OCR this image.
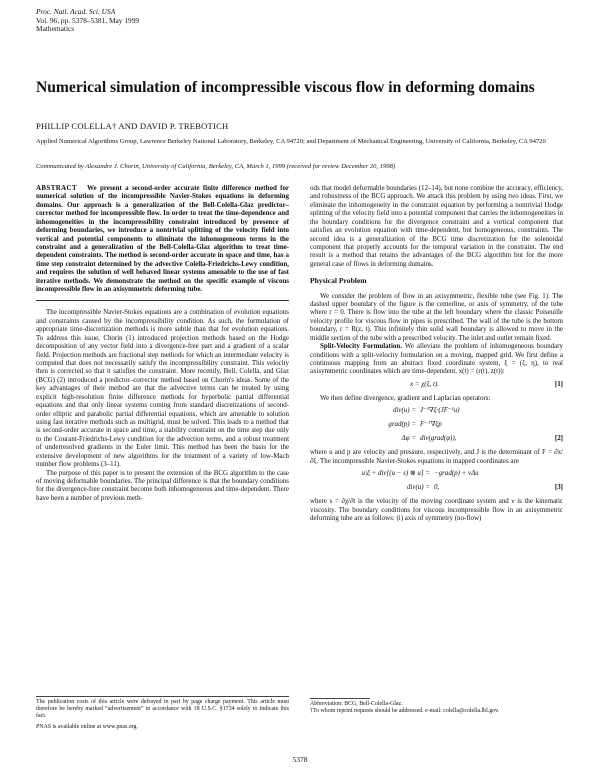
Proc. Natl. Acad. Sci. USA
Vol. 96, pp. 5378–5381, May 1999
Mathematics
Numerical simulation of incompressible viscous flow in deforming domains
PHILLIP COLELLA† AND DAVID P. TREBOTICH
Applied Numerical Algorithms Group, Lawrence Berkeley National Laboratory, Berkeley, CA 94720; and Department of Mechanical Engineering, University of California, Berkeley, CA 94720
Communicated by Alexandre J. Chorin, University of California, Berkeley, CA, March 1, 1999 (received for review December 20, 1998)

ABSTRACT We present a second-order accurate finite difference method for numerical solution of the incompressible Navier-Stokes equations in deforming domains. Our approach is a generalization of the Bell-Colella-Glaz predictor–corrector method for incompressible flow. In order to treat the time-dependence and inhomogeneities in the incompressibility constraint introduced by presence of deforming boundaries, we introduce a nontrivial splitting of the velocity field into vortical and potential components to eliminate the inhomogeneous terms in the constraint and a generalization of the Bell-Colella-Glaz algorithm to treat time-dependent constraints. The method is second-order accurate in space and time, has a time step constraint determined by the advective Colella-Friedrichs-Lewy condition, and requires the solution of well behaved linear systems amenable to the use of fast iterative methods. We demonstrate the method on the specific example of viscous incompressible flow in an axisymmetric deforming tube.

The incompressible Navier-Stokes equations are a combination of evolution equations and constraints caused by the incompressibility condition. As such, the formulation of appropriate time-discretization methods is more subtle than that for evolution equations. To address this issue, Chorin (1) introduced projection methods based on the Hodge decomposition of any vector field into a divergence-free part and a gradient of a scalar field. Projection methods are fractional step methods for which an intermediate velocity is computed that does not necessarily satisfy the incompressibility constraint. This velocity then is corrected so that it satisfies the constraint. More recently, Bell, Colella, and Glaz (BCG) (2) introduced a predictor–corrector method based on Chorin's ideas. Some of the key advantages of their method are that the advective terms can be treated by using explicit high-resolution finite difference methods for hyperbolic partial differential equations and that only linear systems coming from standard discretizations of second-order elliptic and parabolic partial differential equations, which are amenable to solution using fast iterative methods such as multigrid, must be solved. This leads to a method that is second-order accurate in space and time, a stability constraint on the time step due only to the Courant-Friedrichs-Lewy condition for the advection terms, and a robust treatment of underresolved gradients in the Euler limit. This method has been the basis for the extensive development of new algorithms for the treatment of a variety of low-Mach number flow problems (3–11).

The purpose of this paper is to present the extension of the BCG algorithm to the case of moving deformable boundaries. The principal difference is that the boundary conditions for the divergence-free constraint become both inhomogeneous and time-dependent. There have been a number of previous meth-

ods that model deformable boundaries (12–14), but none combine the accuracy, efficiency, and robustness of the BCG approach. We attack this problem by using two ideas. First, we eliminate the inhomogeneity in the constraint equation by performing a nontrivial Hodge splitting of the velocity field into a potential component that carries the inhomogeneities in the boundary conditions for the divergence constraint and a vortical component that satisfies an evolution equation with time-dependent, but homogeneous, constraints. The second idea is a generalization of the BCG time discretization for the solenoidal component that properly accounts for the temporal variation in the constraint. The end result is a method that retains the advantages of the BCG algorithm but for the more general case of flows in deforming domains.

Physical Problem

We consider the problem of flow in an axisymmetric, flexible tube (see Fig. 1). The dashed upper boundary of the figure is the centerline, or axis of symmetry, of the tube where r = 0. There is flow into the tube at the left boundary where the classic Poiseuille velocity profile for viscous flow in pipes is prescribed. The wall of the tube is the bottom boundary, r = R(z, t). This infinitely thin solid wall boundary is allowed to move in the middle section of the tube with a prescribed velocity. The inlet and outlet remain fixed.

Split-Velocity Formulation. We alleviate the problem of inhomogeneous boundary conditions with a split-velocity formulation on a moving, mapped grid. We first define a continuous mapping from an abstract fixed coordinate system, ξ = (ξ, η), to real axisymmetric coordinates which are time-dependent, x(t) = (r(t), z(t)):

x = χ(ξ, t).	[1]

We then define divergence, gradient and Laplacian operators:

div(u) = J⁻¹∇ξ·(JF⁻¹u)
grad(p) = F⁻ᵀ∇ξp
Δφ = div(grad(φ)),	[2]

where u and p are velocity and pressure, respectively, and J is the determinant of F = ∂x/∂ξ. The incompressible Navier-Stokes equations in mapped coordinates are

u|ξ + div[(u − s) ⊗ u] = −grad(p) + νΔu
div(u) = 0,	[3]

where s = ∂χ/∂t is the velocity of the moving coordinate system and ν is the kinematic viscosity. The boundary conditions for viscous incompressible flow in an axisymmetric deforming tube are as follows: (i) axis of symmetry (no-flow)

The publication costs of this article were defrayed in part by page charge payment. This article must therefore be hereby marked “advertisement” in accordance with 18 U.S.C. §1734 solely to indicate this fact.
PNAS is available online at www.pnas.org.
Abbreviation: BCG, Bell-Colella-Glaz.
†To whom reprint requests should be addressed. e-mail: colella@colella.lbl.gov.
5378
